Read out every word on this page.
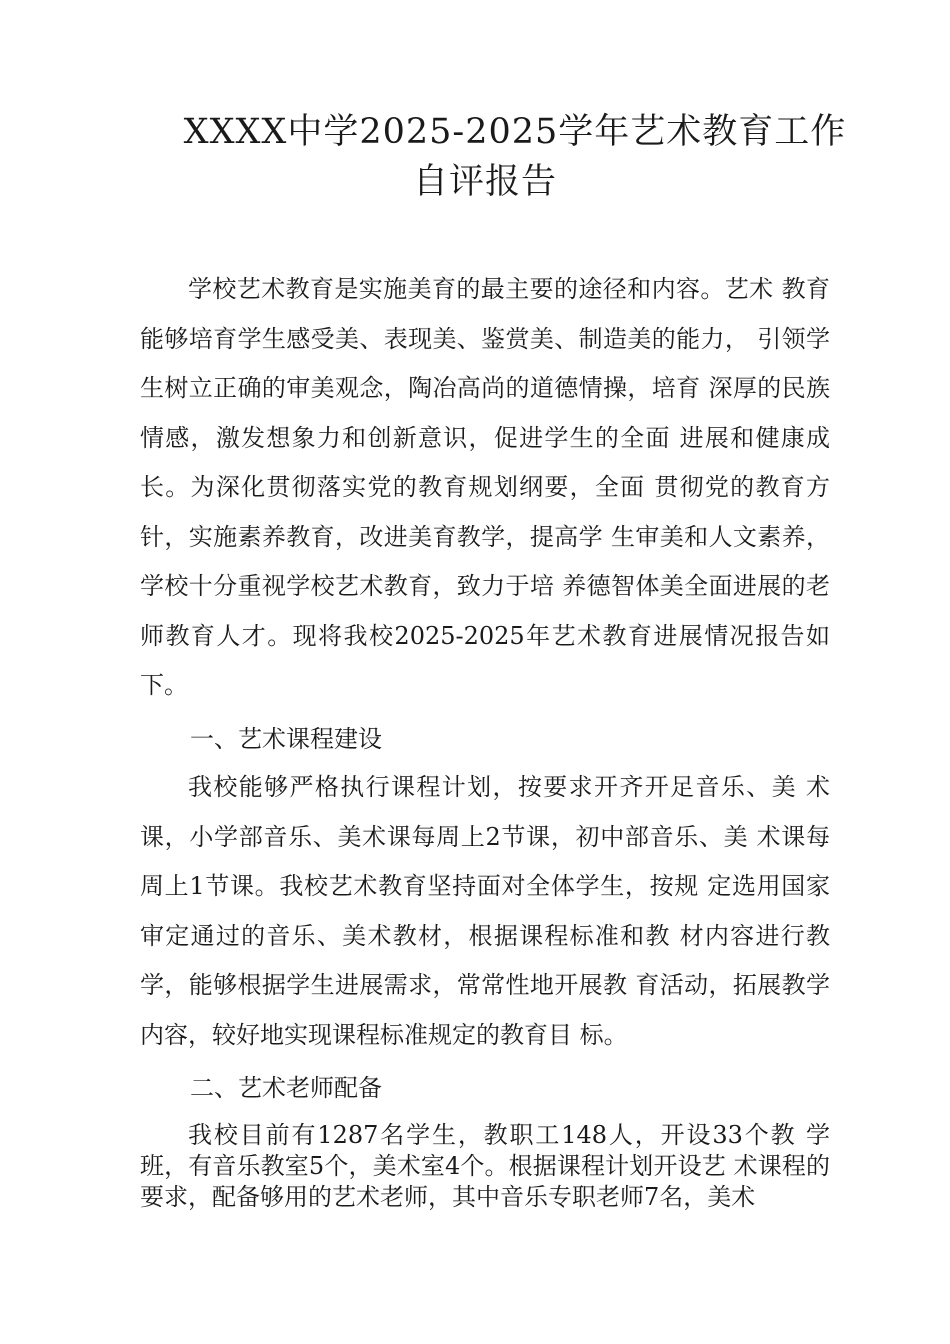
XXXX中学2025-2025学年艺术教育工作
自评报告

学校艺术教育是实施美育的最主要的途径和内容。艺术 教育能够培育学生感受美、表现美、鉴赏美、制造美的能力， 引领学生树立正确的审美观念，陶冶高尚的道德情操，培育 深厚的民族情感，激发想象力和创新意识，促进学生的全面 进展和健康成长。为深化贯彻落实党的教育规划纲要，全面 贯彻党的教育方针，实施素养教育，改进美育教学，提高学 生审美和人文素养，学校十分重视学校艺术教育，致力于培 养德智体美全面进展的老师教育人才。现将我校2025-2025年艺术教育进展情况报告如下。

一、艺术课程建设

我校能够严格执行课程计划，按要求开齐开足音乐、美 术课，小学部音乐、美术课每周上2节课，初中部音乐、美 术课每周上1节课。我校艺术教育坚持面对全体学生，按规 定选用国家审定通过的音乐、美术教材，根据课程标准和教 材内容进行教学，能够根据学生进展需求，常常性地开展教 育活动，拓展教学内容，较好地实现课程标准规定的教育目 标。

二、艺术老师配备

我校目前有1287名学生，教职工148人，开设33个教 学班，有音乐教室5个，美术室4个。根据课程计划开设艺 术课程的要求，配备够用的艺术老师，其中音乐专职老师7名，美术
